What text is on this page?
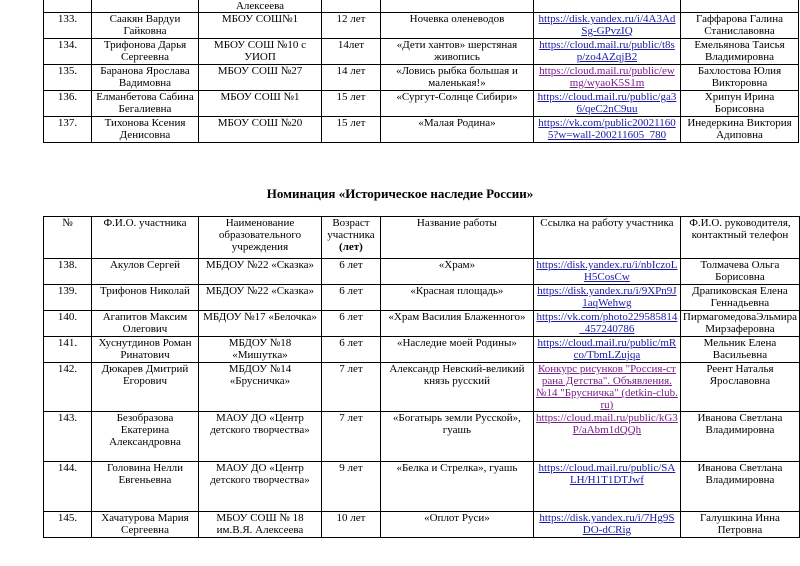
		Алексеева				
133.	Саакян Вардуи Гайковна	МБОУ СОШ№1	12 лет	Ночевка оленеводов	https://disk.yandex.ru/i/4A3AdSg-GPvzIQ	Гаффарова Галина Станиславовна
134.	Трифонова Дарья Сергеевна	МБОУ СОШ №10 с УИОП	14лет	«Дети хантов» шерстяная живопись	https://cloud.mail.ru/public/t8sp/zo4AZqjB2	Емельянова Таисья Владимировна
135.	Баранова Ярослава Вадимовна	МБОУ СОШ №27	14 лет	«Ловись рыбка большая и маленькая!»	https://cloud.mail.ru/public/ewmg/wyaoK5S1m	Бахлостова Юлия Викторовна
136.	Елманбетова Сабина Бегалиевна	МБОУ СОШ №1	15 лет	«Сургут-Солнце Сибири»	https://cloud.mail.ru/public/ga36/qeC2nC9uu	Хрипун Ирина Борисовна
137.	Тихонова Ксения Денисовна	МБОУ СОШ №20	15 лет	«Малая Родина»	https://vk.com/public200211605?w=wall-200211605_780	Инедеркина Виктория Адиповна
Номинация «Историческое наследие России»
№	Ф.И.О. участника	Наименование образовательного учреждения	Возраст участника (лет)	Название работы	Ссылка на работу участника	Ф.И.О. руководителя, контактный телефон
138.	Акулов Сергей	МБДОУ №22 «Сказка»	6 лет	«Храм»	https://disk.yandex.ru/i/nbIczoLH5CosCw	Толмачева Ольга Борисовна
139.	Трифонов Николай	МБДОУ №22 «Сказка»	6 лет	«Красная площадь»	https://disk.yandex.ru/i/9XPn9J1aqWehwg	Драпиковская Елена Геннадьевна
140.	Агапитов Максим Олегович	МБДОУ №17 «Белочка»	6 лет	«Храм Василия Блаженного»	https://vk.com/photo229585814_457240786	ПирмагомедоваЭльмира Мирзаферовна
141.	Хуснутдинов Роман Ринатович	МБДОУ №18 «Мишутка»	6 лет	«Наследие моей Родины»	https://cloud.mail.ru/public/mRco/TbmLZujqa	Мельник Елена Васильевна
142.	Дюкарев Дмитрий Егорович	МБДОУ №14 «Брусничка»	7 лет	Александр Невский-великий князь русский	Конкурс рисунков "Россия-страна Детства". Объявления. №14 "Брусничка" (detkin-club.ru)	Реент Наталья Ярославовна
143.	Безобразова Екатерина Александровна	МАОУ ДО «Центр детского творчества»	7 лет	«Богатырь земли Русской», гуашь	https://cloud.mail.ru/public/kG3P/aAbm1dQQh	Иванова Светлана Владимировна
144.	Головина Нелли Евгеньевна	МАОУ ДО «Центр детского творчества»	9 лет	«Белка и Стрелка», гуашь	https://cloud.mail.ru/public/SALH/H1T1DTJwf	Иванова Светлана Владимировна
145.	Хачатурова Мария Сергеевна	МБОУ СОШ № 18 им.В.Я. Алексеева	10 лет	«Оплот Руси»	https://disk.yandex.ru/i/7Hg9SDO-dCRig	Галушкина Инна Петровна
